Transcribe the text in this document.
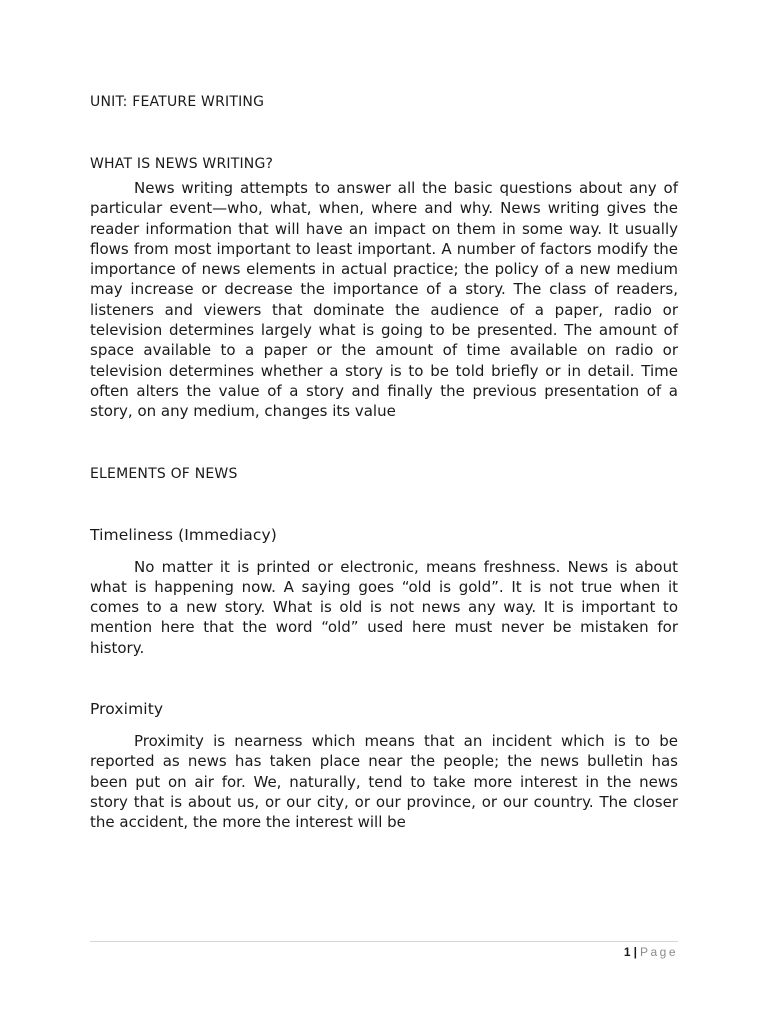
UNIT: FEATURE WRITING
WHAT IS NEWS WRITING?

News writing attempts to answer all the basic questions about any of particular event—who, what, when, where and why. News writing gives the reader information that will have an impact on them in some way. It usually flows from most important to least important. A number of factors modify the importance of news elements in actual practice; the policy of a new medium may increase or decrease the importance of a story. The class of readers, listeners and viewers that dominate the audience of a paper, radio or television determines largely what is going to be presented. The amount of space available to a paper or the amount of time available on radio or television determines whether a story is to be told briefly or in detail. Time often alters the value of a story and finally the previous presentation of a story, on any medium, changes its value

ELEMENTS OF NEWS
Timeliness (Immediacy)

No matter it is printed or electronic, means freshness. News is about what is happening now. A saying goes “old is gold”. It is not true when it comes to a new story. What is old is not news any way. It is important to mention here that the word “old” used here must never be mistaken for history.

Proximity

Proximity is nearness which means that an incident which is to be reported as news has taken place near the people; the news bulletin has been put on air for. We, naturally, tend to take more interest in the news story that is about us, or our city, or our province, or our country. The closer the accident, the more the interest will be

1 | Page
